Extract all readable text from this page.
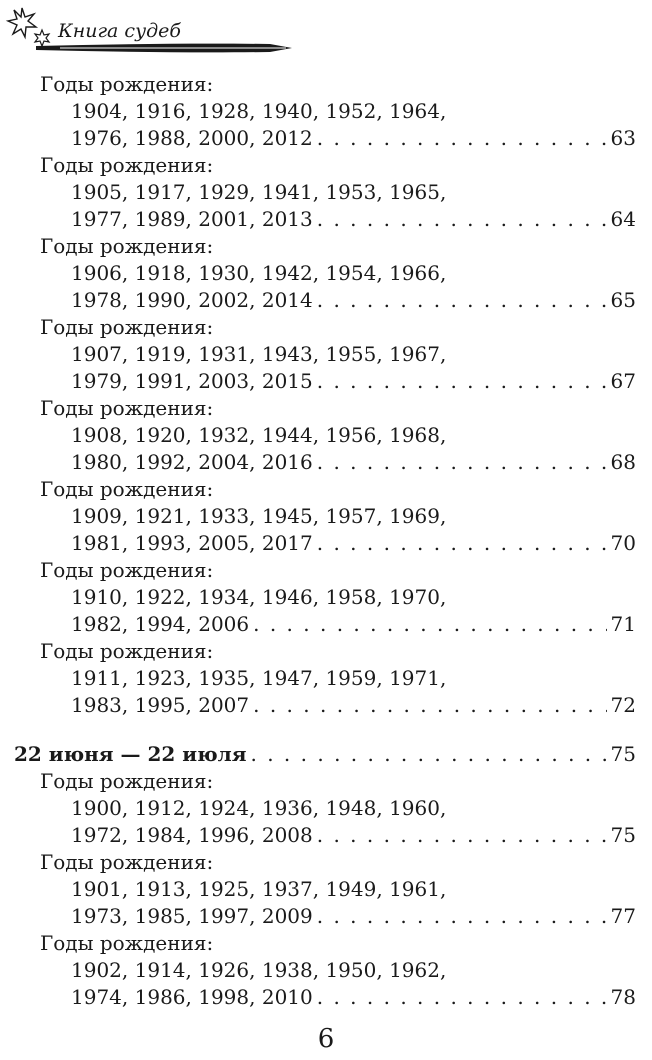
Книга судеб
Годы рождения:
1904, 1916, 1928, 1940, 1952, 1964,
1976, 1988, 2000, 2012 . . .	63
Годы рождения:
1905, 1917, 1929, 1941, 1953, 1965,
1977, 1989, 2001, 2013 . . .	64
Годы рождения:
1906, 1918, 1930, 1942, 1954, 1966,
1978, 1990, 2002, 2014 . . .	65
Годы рождения:
1907, 1919, 1931, 1943, 1955, 1967,
1979, 1991, 2003, 2015 . . .	67
Годы рождения:
1908, 1920, 1932, 1944, 1956, 1968,
1980, 1992, 2004, 2016 . . .	68
Годы рождения:
1909, 1921, 1933, 1945, 1957, 1969,
1981, 1993, 2005, 2017 . . .	70
Годы рождения:
1910, 1922, 1934, 1946, 1958, 1970,
1982, 1994, 2006 . . .	71
Годы рождения:
1911, 1923, 1935, 1947, 1959, 1971,
1983, 1995, 2007 . . .	72
22 июня — 22 июля . . .	75
Годы рождения:
1900, 1912, 1924, 1936, 1948, 1960,
1972, 1984, 1996, 2008 . . .	75
Годы рождения:
1901, 1913, 1925, 1937, 1949, 1961,
1973, 1985, 1997, 2009 . . .	77
Годы рождения:
1902, 1914, 1926, 1938, 1950, 1962,
1974, 1986, 1998, 2010 . . .	78
6
